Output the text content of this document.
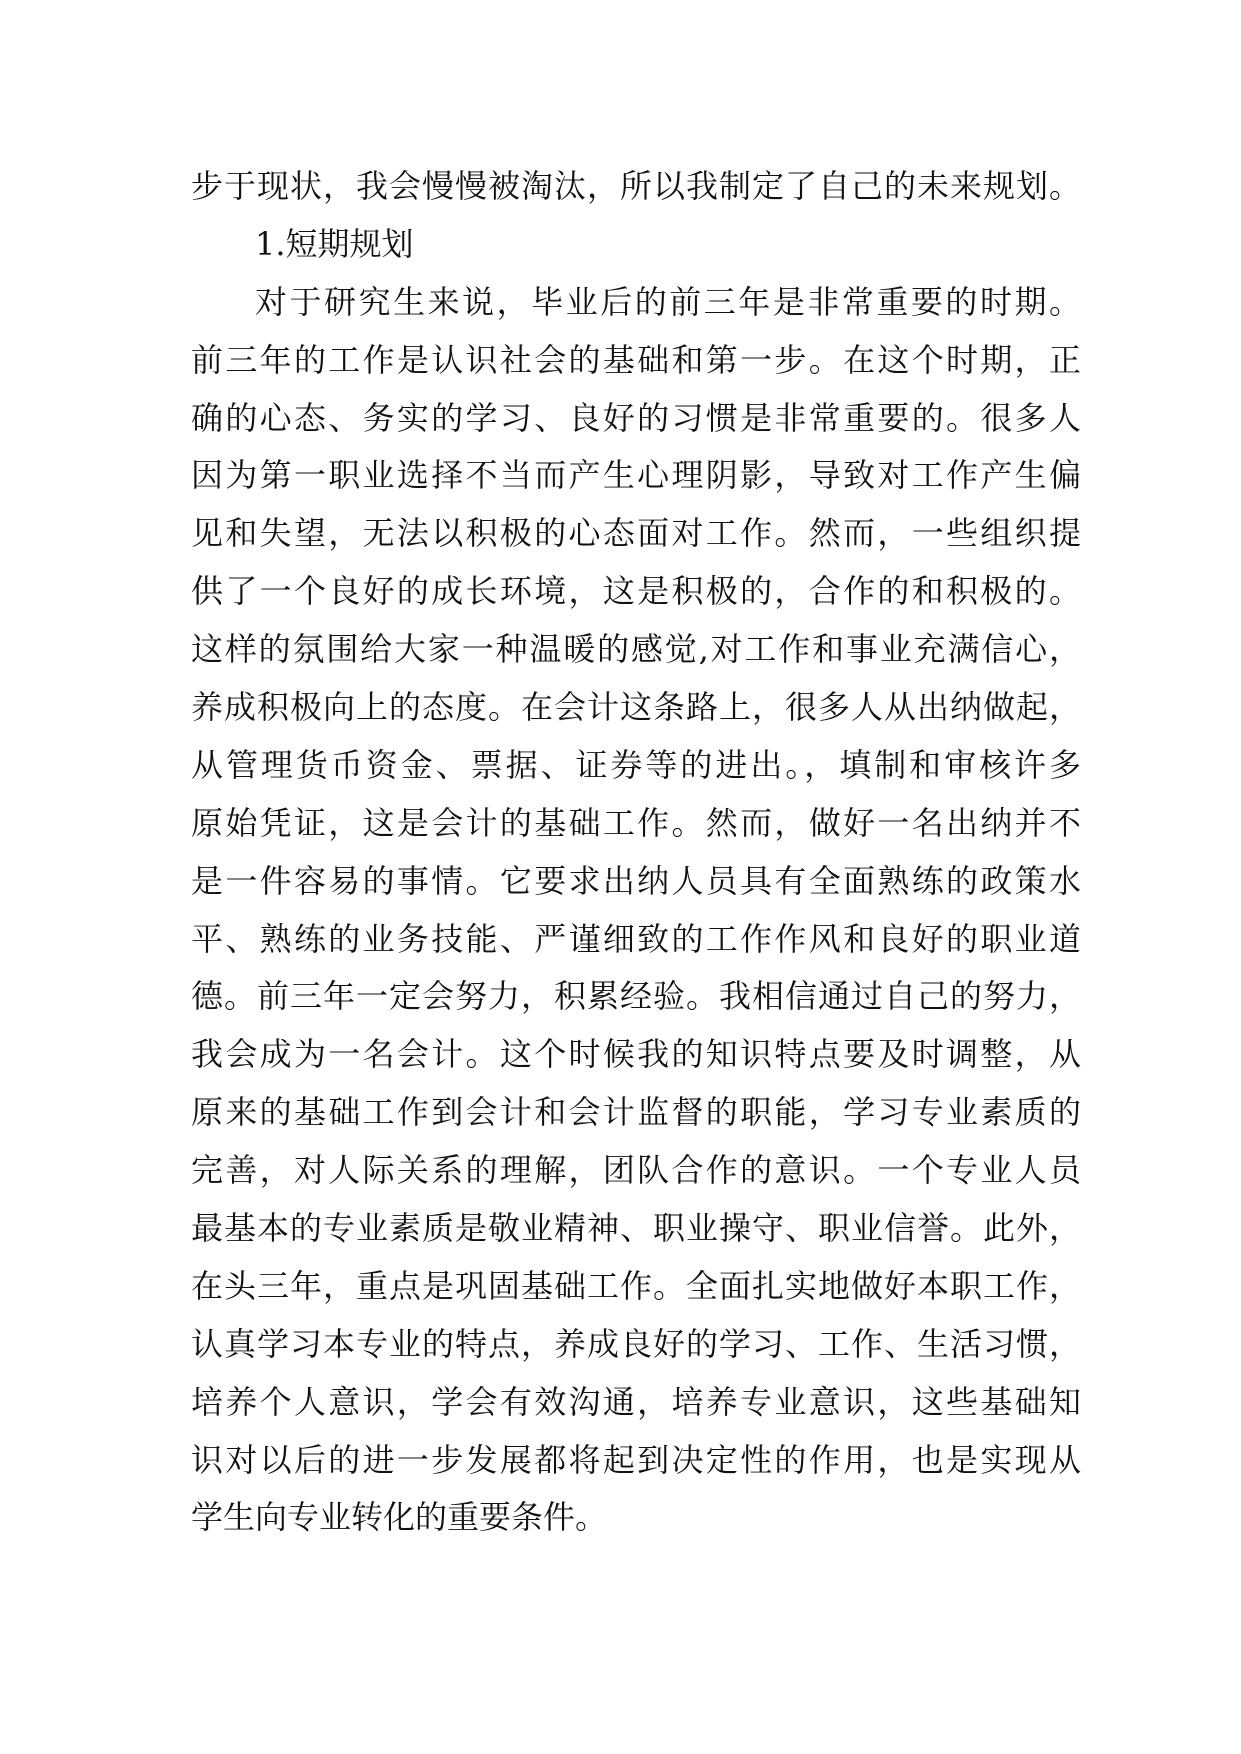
步于现状，我会慢慢被淘汰，所以我制定了自己的未来规划。
1.短期规划
对于研究生来说，毕业后的前三年是非常重要的时期。
前三年的工作是认识社会的基础和第一步。在这个时期，正
确的心态、务实的学习、良好的习惯是非常重要的。很多人
因为第一职业选择不当而产生心理阴影，导致对工作产生偏
见和失望，无法以积极的心态面对工作。然而，一些组织提
供了一个良好的成长环境，这是积极的，合作的和积极的。
这样的氛围给大家一种温暖的感觉,对工作和事业充满信心，
养成积极向上的态度。在会计这条路上，很多人从出纳做起，
从管理货币资金、票据、证券等的进出。，填制和审核许多
原始凭证，这是会计的基础工作。然而，做好一名出纳并不
是一件容易的事情。它要求出纳人员具有全面熟练的政策水
平、熟练的业务技能、严谨细致的工作作风和良好的职业道
德。前三年一定会努力，积累经验。我相信通过自己的努力，
我会成为一名会计。这个时候我的知识特点要及时调整，从
原来的基础工作到会计和会计监督的职能，学习专业素质的
完善，对人际关系的理解，团队合作的意识。一个专业人员
最基本的专业素质是敬业精神、职业操守、职业信誉。此外，
在头三年，重点是巩固基础工作。全面扎实地做好本职工作，
认真学习本专业的特点，养成良好的学习、工作、生活习惯，
培养个人意识，学会有效沟通，培养专业意识，这些基础知
识对以后的进一步发展都将起到决定性的作用，也是实现从
学生向专业转化的重要条件。
